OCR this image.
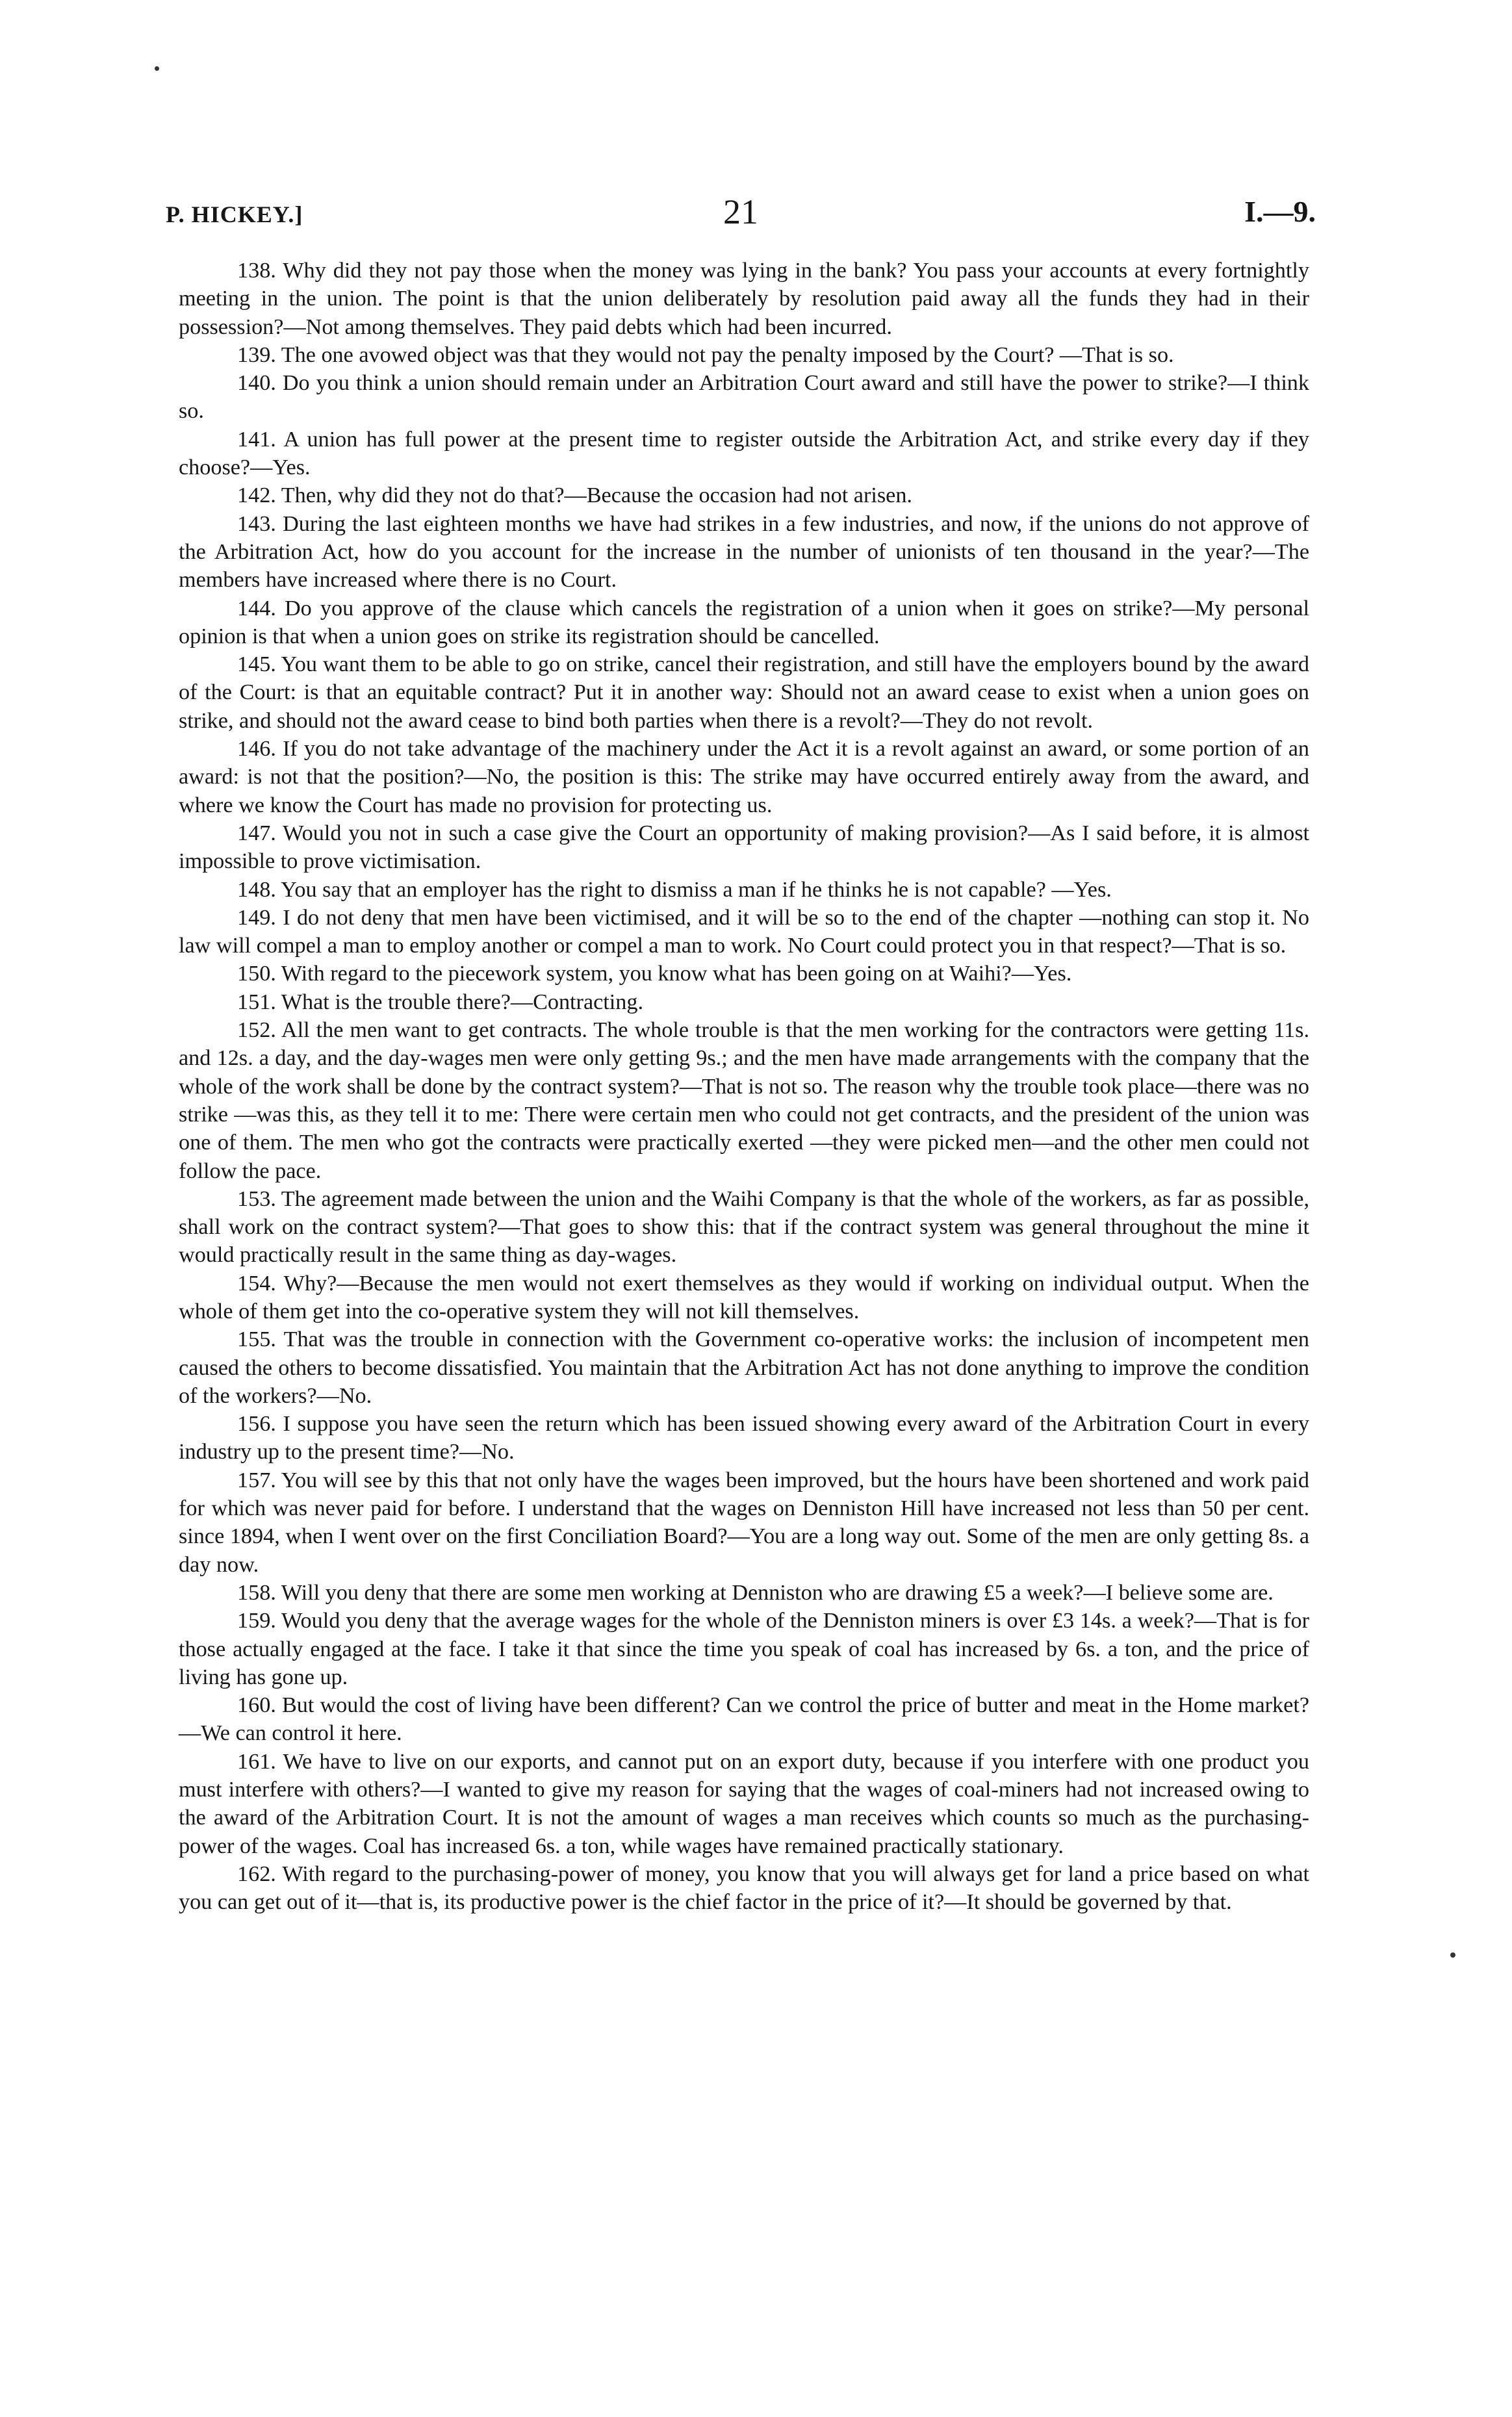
P. HICKEY.]	21	I.—9.

138. Why did they not pay those when the money was lying in the bank? You pass your accounts at every fortnightly meeting in the union. The point is that the union deliberately by resolution paid away all the funds they had in their possession?—Not among themselves. They paid debts which had been incurred.

139. The one avowed object was that they would not pay the penalty imposed by the Court? —That is so.

140. Do you think a union should remain under an Arbitration Court award and still have the power to strike?—I think so.

141. A union has full power at the present time to register outside the Arbitration Act, and strike every day if they choose?—Yes.

142. Then, why did they not do that?—Because the occasion had not arisen.

143. During the last eighteen months we have had strikes in a few industries, and now, if the unions do not approve of the Arbitration Act, how do you account for the increase in the number of unionists of ten thousand in the year?—The members have increased where there is no Court.

144. Do you approve of the clause which cancels the registration of a union when it goes on strike?—My personal opinion is that when a union goes on strike its registration should be cancelled.

145. You want them to be able to go on strike, cancel their registration, and still have the employers bound by the award of the Court: is that an equitable contract? Put it in another way: Should not an award cease to exist when a union goes on strike, and should not the award cease to bind both parties when there is a revolt?—They do not revolt.

146. If you do not take advantage of the machinery under the Act it is a revolt against an award, or some portion of an award: is not that the position?—No, the position is this: The strike may have occurred entirely away from the award, and where we know the Court has made no provision for protecting us.

147. Would you not in such a case give the Court an opportunity of making provision?—As I said before, it is almost impossible to prove victimisation.

148. You say that an employer has the right to dismiss a man if he thinks he is not capable? —Yes.

149. I do not deny that men have been victimised, and it will be so to the end of the chapter —nothing can stop it. No law will compel a man to employ another or compel a man to work. No Court could protect you in that respect?—That is so.

150. With regard to the piecework system, you know what has been going on at Waihi?—Yes.

151. What is the trouble there?—Contracting.

152. All the men want to get contracts. The whole trouble is that the men working for the contractors were getting 11s. and 12s. a day, and the day-wages men were only getting 9s.; and the men have made arrangements with the company that the whole of the work shall be done by the contract system?—That is not so. The reason why the trouble took place—there was no strike —was this, as they tell it to me: There were certain men who could not get contracts, and the president of the union was one of them. The men who got the contracts were practically exerted —they were picked men—and the other men could not follow the pace.

153. The agreement made between the union and the Waihi Company is that the whole of the workers, as far as possible, shall work on the contract system?—That goes to show this: that if the contract system was general throughout the mine it would practically result in the same thing as day-wages.

154. Why?—Because the men would not exert themselves as they would if working on individual output. When the whole of them get into the co-operative system they will not kill themselves.

155. That was the trouble in connection with the Government co-operative works: the inclusion of incompetent men caused the others to become dissatisfied. You maintain that the Arbitration Act has not done anything to improve the condition of the workers?—No.

156. I suppose you have seen the return which has been issued showing every award of the Arbitration Court in every industry up to the present time?—No.

157. You will see by this that not only have the wages been improved, but the hours have been shortened and work paid for which was never paid for before. I understand that the wages on Denniston Hill have increased not less than 50 per cent. since 1894, when I went over on the first Conciliation Board?—You are a long way out. Some of the men are only getting 8s. a day now.

158. Will you deny that there are some men working at Denniston who are drawing £5 a week?—I believe some are.

159. Would you deny that the average wages for the whole of the Denniston miners is over £3 14s. a week?—That is for those actually engaged at the face. I take it that since the time you speak of coal has increased by 6s. a ton, and the price of living has gone up.

160. But would the cost of living have been different? Can we control the price of butter and meat in the Home market?—We can control it here.

161. We have to live on our exports, and cannot put on an export duty, because if you interfere with one product you must interfere with others?—I wanted to give my reason for saying that the wages of coal-miners had not increased owing to the award of the Arbitration Court. It is not the amount of wages a man receives which counts so much as the purchasing-power of the wages. Coal has increased 6s. a ton, while wages have remained practically stationary.

162. With regard to the purchasing-power of money, you know that you will always get for land a price based on what you can get out of it—that is, its productive power is the chief factor in the price of it?—It should be governed by that.
